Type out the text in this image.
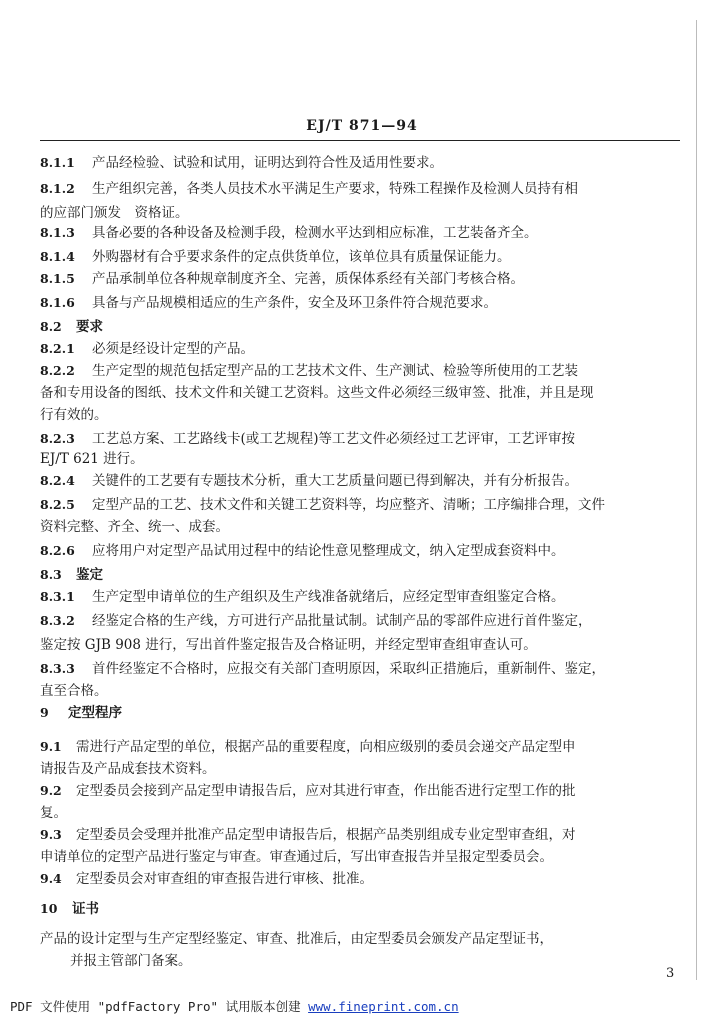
EJ/T 871—94
8.1.1 产品经检验、试验和试用，证明达到符合性及适用性要求。
8.1.2 生产组织完善，各类人员技术水平满足生产要求，特殊工程操作及检测人员持有相
的应部门颁发　资格证。
8.1.3 具备必要的各种设备及检测手段，检测水平达到相应标准，工艺装备齐全。
8.1.4 外购器材有合乎要求条件的定点供货单位，该单位具有质量保证能力。
8.1.5 产品承制单位各种规章制度齐全、完善，质保体系经有关部门考核合格。
8.1.6 具备与产品规模相适应的生产条件，安全及环卫条件符合规范要求。
8.2 要求
8.2.1 必须是经设计定型的产品。
8.2.2 生产定型的规范包括定型产品的工艺技术文件、生产测试、检验等所使用的工艺装
备和专用设备的图纸、技术文件和关键工艺资料。这些文件必须经三级审签、批准，并且是现
行有效的。
8.2.3 工艺总方案、工艺路线卡(或工艺规程)等工艺文件必须经过工艺评审，工艺评审按
EJ/T 621 进行。
8.2.4 关键件的工艺要有专题技术分析，重大工艺质量问题已得到解决，并有分析报告。
8.2.5 定型产品的工艺、技术文件和关键工艺资料等，均应整齐、清晰；工序编排合理，文件
资料完整、齐全、统一、成套。
8.2.6 应将用户对定型产品试用过程中的结论性意见整理成文，纳入定型成套资料中。
8.3 鉴定
8.3.1 生产定型申请单位的生产组织及生产线准备就绪后，应经定型审查组鉴定合格。
8.3.2 经鉴定合格的生产线，方可进行产品批量试制。试制产品的零部件应进行首件鉴定，
鉴定按 GJB 908 进行，写出首件鉴定报告及合格证明，并经定型审查组审查认可。
8.3.3 首件经鉴定不合格时，应报交有关部门查明原因，采取纠正措施后，重新制件、鉴定，
直至合格。
9 定型程序
9.1 需进行产品定型的单位，根据产品的重要程度，向相应级别的委员会递交产品定型申
请报告及产品成套技术资料。
9.2 定型委员会接到产品定型申请报告后，应对其进行审查，作出能否进行定型工作的批
复。
9.3 定型委员会受理并批准产品定型申请报告后，根据产品类别组成专业定型审查组，对
申请单位的定型产品进行鉴定与审查。审查通过后，写出审查报告并呈报定型委员会。
9.4 定型委员会对审查组的审查报告进行审核、批准。
10 证书
产品的设计定型与生产定型经鉴定、审查、批准后，由定型委员会颁发产品定型证书，
并报主管部门备案。
3
PDF 文件使用 "pdfFactory Pro" 试用版本创建 www.fineprint.com.cn
